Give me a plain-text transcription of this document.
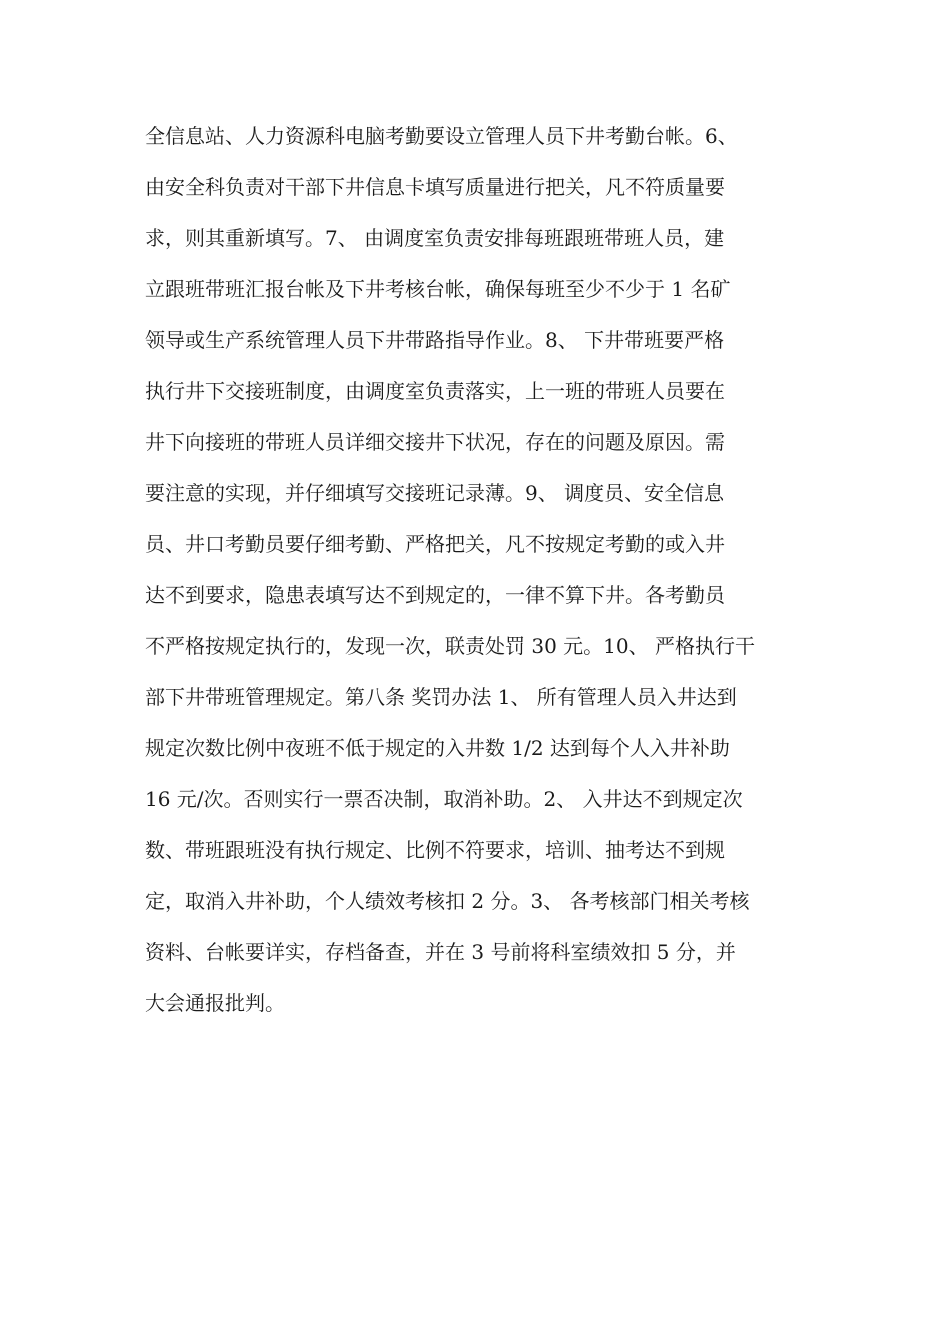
全信息站、人力资源科电脑考勤要设立管理人员下井考勤台帐。6、
由安全科负责对干部下井信息卡填写质量进行把关，凡不符质量要
求，则其重新填写。7、 由调度室负责安排每班跟班带班人员，建
立跟班带班汇报台帐及下井考核台帐，确保每班至少不少于 1 名矿
领导或生产系统管理人员下井带路指导作业。8、 下井带班要严格
执行井下交接班制度，由调度室负责落实，上一班的带班人员要在
井下向接班的带班人员详细交接井下状况，存在的问题及原因。需
要注意的实现，并仔细填写交接班记录薄。9、 调度员、安全信息
员、井口考勤员要仔细考勤、严格把关，凡不按规定考勤的或入井
达不到要求，隐患表填写达不到规定的，一律不算下井。各考勤员
不严格按规定执行的，发现一次，联责处罚 30 元。10、 严格执行干
部下井带班管理规定。第八条 奖罚办法 1、 所有管理人员入井达到
规定次数比例中夜班不低于规定的入井数 1/2 达到每个人入井补助
16 元/次。否则实行一票否决制，取消补助。2、 入井达不到规定次
数、带班跟班没有执行规定、比例不符要求，培训、抽考达不到规
定，取消入井补助，个人绩效考核扣 2 分。3、 各考核部门相关考核
资料、台帐要详实，存档备查，并在 3 号前将科室绩效扣 5 分，并
大会通报批判。
